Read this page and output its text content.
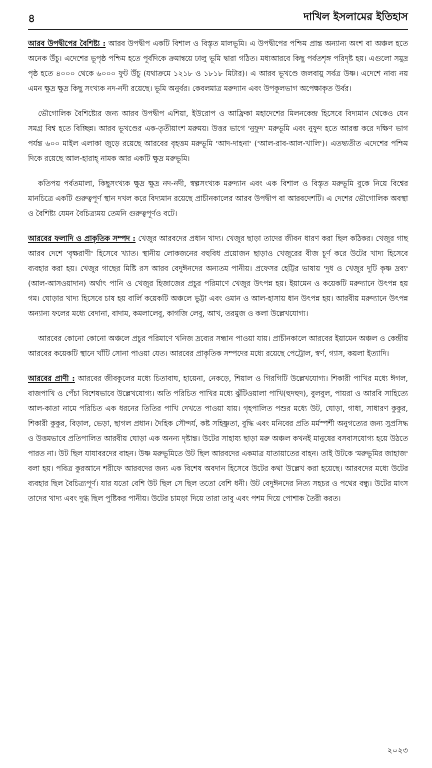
৪	দাখিল ইসলামের ইতিহাস

আরব উপদ্বীপের বৈশিষ্ট্য : আরব উপদ্বীপ একটি বিশাল ও বিস্তৃত মালভূমি। এ উপদ্বীপের পশ্চিম প্রান্ত অন্যান্য অংশ বা অঞ্চল হতে অনেক উঁচু। এদেশের ভূপৃষ্ঠ পশ্চিম হতে পূর্বদিকে ক্রমান্বয়ে ঢালু ভূমি দ্বারা গঠিত। মধ্যআরবে কিছু পর্বতশৃঙ্গ পরিদৃষ্ট হয়। এগুলো সমুদ্র পৃষ্ঠ হতে ৪০০০ থেকে ৬০০০ ফুট উঁচু (যথাক্রমে ১২১৮ ও ১৮১৮ মিটার)। এ আরব ভূখণ্ডে জলবায়ু সর্বত্র উষ্ণ। এদেশে নাব্য নয় এমন ক্ষুদ্র ক্ষুদ্র কিছু সংখ্যক নদ-নদী রয়েছে। ভূমি অনুর্বর। কেবলমাত্র মরুদ্যান এবং উপকূলভাগ অপেক্ষাকৃত উর্বর।

ভৌগোলিক বৈশিষ্ট্যের জন্য আরব উপদ্বীপ এশিয়া, ইউরোপ ও আফ্রিকা মহাদেশের মিলনকেন্দ্র হিসেবে বিদ্যমান থেকেও যেন সমগ্র বিশ্ব হতে বিচ্ছিন্ন। আরব ভূখণ্ডের এক-তৃতীয়াংশ মরুময়। উত্তর ভাগে 'নুফুদ' মরুভূমি এবং নুফুদ হতে আরম্ভ করে দক্ষিণ ভাগ পর্যন্ত ৬০০ মাইল এলাকা জুড়ে রয়েছে আরবের বৃহত্তম মরুভূমি 'আদ-দাহনা' ('আল-রাব-আল-খালি')। এতদ্ব্যতীত এদেশের পশ্চিম দিকে রয়েছে আল-হারাহ্ নামক আর একটি ক্ষুদ্র মরুভূমি।

কতিপয় পর্বতমালা, কিছুসংখ্যক ক্ষুদ্র ক্ষুদ্র নদ-নদী, স্বল্পসংখ্যক মরুদ্যান এবং এক বিশাল ও বিস্তৃত মরুভূমি বুকে নিয়ে বিশ্বের মানচিত্রে একটি গুরুত্বপূর্ণ স্থান দখল করে বিদ্যমান রয়েছে প্রাচীনকালের আরব উপদ্বীপ বা আরবদেশটি। এ দেশের ভৌগোলিক অবস্থা ও বৈশিষ্ট্য যেমন বৈচিত্র্যময় তেমনি গুরুত্বপূর্ণও বটে।

আরবের ফলাদি ও প্রাকৃতিক সম্পদ : খেজুর আরবদের প্রধান খাদ্য। খেজুর ছাড়া তাদের জীবন ধারণ করা ছিল কঠিকর। খেজুর গাছ আরব দেশে 'বৃক্ষরাণী' হিসেবে খ্যাত। স্থানীয় লোকজনের বহুবিধ প্রয়োজন ছাড়াও খেজুরের বীজ চূর্ণ করে উটের খাদ্য হিসেবে ব্যবহার করা হয়। খেজুর গাছের মিষ্টি রস আরব বেদুঈনদের অন্যতম পানীয়। প্রফেসর হেট্টির ভাষায় 'দুধ ও খেজুর দুটি কৃষ্ণ দ্রব্য' (আল-আসওয়াদান) অর্থাৎ পানি ও খেজুর হিজাজের প্রচুর পরিমাণে খেজুর উৎপন্ন হয়। ইয়ামেন ও কয়েকটি মরুদ্যানে উৎপন্ন হয় গম। ঘোড়ার খাদ্য হিসেবে চাষ হয় বার্লি কয়েকটি অঞ্চলে ভুট্টা এবং ওমান ও আল-হাসায় ধান উৎপন্ন হয়। আরবীয় মরুদ্যানে উৎপন্ন অন্যান্য ফলের মধ্যে বেদানা, বাদাম, কমলালেবু, কাগজি লেবু, আখ, তরমুজ ও কলা উল্লেখযোগ্য।

আরবের কোনো কোনো অঞ্চলে প্রচুর পরিমাণে খনিজ দ্রব্যের সন্ধান পাওয়া যায়। প্রাচীনকালে আরবের ইয়ামেন অঞ্চল ও কেন্দ্রীয় আরবের কয়েকটি স্থানে খাঁটি সোনা পাওয়া যেত। আরবের প্রাকৃতিক সম্পদের মধ্যে রয়েছে পেট্রোল, স্বর্ণ, গ্যাস, কয়লা ইত্যাদি।

আরবের প্রাণী : আরবের জীবকুলের মধ্যে চিতাবাঘ, হায়েনা, নেকড়ে, শিয়াল ও গিরগিটি উল্লেখযোগ্য। শিকারী পাখির মধ্যে ঈগল, বাজপাখি ও পেঁচা বিশেষভাবে উল্লেখযোগ্য। অতি পরিচিত পাখির মধ্যে ঝুঁটিওয়ালা পাখি(হুদহুদ), বুলবুল, পায়রা ও আরবি সাহিত্যে আল-কাতা নামে পরিচিত এক ধরনের তিতির পাখি দেখতে পাওয়া যায়। গৃহপালিত পশুর মধ্যে উট, ঘোড়া, গাধা, সাধারণ কুকুর, শিকারী কুকুর, বিড়াল, ভেড়া, ছাগল প্রধান। দৈহিক সৌন্দর্য, কষ্ট সহিষ্ণুতা, বুদ্ধি এবং মনিবের প্রতি মর্মস্পর্শী অনুগত্যের জন্য সুপ্রসিদ্ধ ও উত্তমভাবে প্রতিপালিত আরবীয় ঘোড়া এক অনন্য দৃষ্টান্ত। উটের সাহায্য ছাড়া মরু অঞ্চল কখনই মানুষের বসবাসযোগ্য হয়ে উঠতে পারত না। উট ছিল যাযাবরদের বাহন। উষ্ণ মরুভূমিতে উট ছিল আরবদের একমাত্র যাতায়াতের বাহন। তাই উটকে 'মরুভূমির জাহাজ' বলা হয়। পবিত্র কুরআনে শরীফে আরবদের জন্য এক বিশেষ অবদান হিসেবে উটের কথা উল্লেখ করা হয়েছে। আরবদের মধ্যে উটের ব্যবহার ছিল বৈচিত্র্যপূর্ণ। যার যতো বেশি উট ছিল সে ছিল ততো বেশি ধনী। উট বেদুঈনদের নিত্য সহচর ও পথের বন্ধু। উটের মাংস তাদের খাদ্য এবং দুগ্ধ ছিল পুষ্টিকর পানীয়। উটের চামড়া দিয়ে তারা তাবু এবং পশম দিয়ে পোশাক তৈরী করত।

২০২৩
